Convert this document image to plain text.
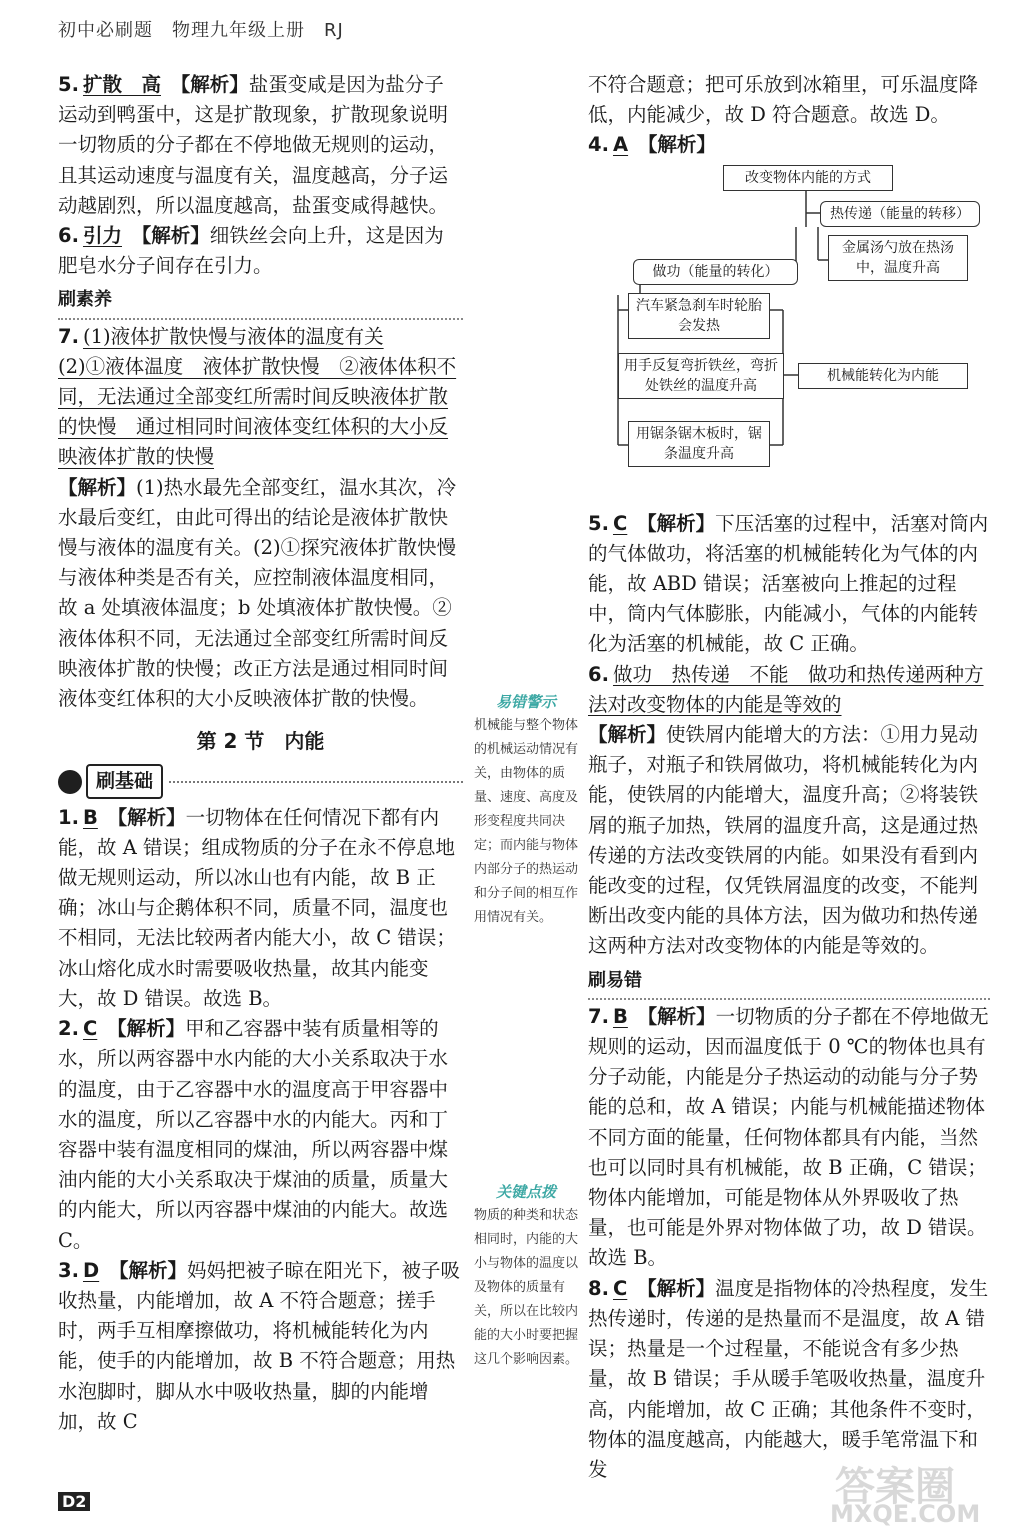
初中必刷题　物理九年级上册　RJ
5. 扩散　高　 【解析】盐蛋变咸是因为盐分子运动到鸭蛋中，这是扩散现象，扩散现象说明一切物质的分子都在不停地做无规则的运动，且其运动速度与温度有关，温度越高，分子运动越剧烈，所以温度越高，盐蛋变咸得越快。
6. 引力　 【解析】细铁丝会向上升，这是因为肥皂水分子间存在引力。
刷素养
7. (1)液体扩散快慢与液体的温度有关
(2)①液体温度　液体扩散快慢　②液体体积不同，无法通过全部变红所需时间反映液体扩散的快慢　通过相同时间液体变红体积的大小反映液体扩散的快慢
【解析】(1)热水最先全部变红，温水其次，冷水最后变红，由此可得出的结论是液体扩散快慢与液体的温度有关。(2)①探究液体扩散快慢与液体种类是否有关，应控制液体温度相同，故 a 处填液体温度；b 处填液体扩散快慢。②液体体积不同，无法通过全部变红所需时间反映液体扩散的快慢；改正方法是通过相同时间液体变红体积的大小反映液体扩散的快慢。
第 2 节　内能
刷基础
1. B　 【解析】一切物体在任何情况下都有内能，故 A 错误；组成物质的分子在永不停息地做无规则运动，所以冰山也有内能，故 B 正确；冰山与企鹅体积不同，质量不同，温度也不相同，无法比较两者内能大小，故 C 错误；冰山熔化成水时需要吸收热量，故其内能变大，故 D 错误。故选 B。
2. C　 【解析】甲和乙容器中装有质量相等的水，所以两容器中水内能的大小关系取决于水的温度，由于乙容器中水的温度高于甲容器中水的温度，所以乙容器中水的内能大。丙和丁容器中装有温度相同的煤油，所以两容器中煤油内能的大小关系取决于煤油的质量，质量大的内能大，所以丙容器中煤油的内能大。故选 C。
3. D　 【解析】妈妈把被子晾在阳光下，被子吸收热量，内能增加，故 A 不符合题意；搓手时，两手互相摩擦做功，将机械能转化为内能，使手的内能增加，故 B 不符合题意；用热水泡脚时，脚从水中吸收热量，脚的内能增加，故 C
易错警示
机械能与整个物体的机械运动情况有关，由物体的质量、速度、高度及形变程度共同决定；而内能与物体内部分子的热运动和分子间的相互作用情况有关。
关键点拨
物质的种类和状态相同时，内能的大小与物体的温度以及物体的质量有关，所以在比较内能的大小时要把握这几个影响因素。
不符合题意；把可乐放到冰箱里，可乐温度降低，内能减少，故 D 符合题意。故选 D。
4. A　 【解析】
改变物体内能的方式
热传递（能量的转移）
金属汤勺放在热汤中，温度升高
做功（能量的转化）
汽车紧急刹车时轮胎会发热
用手反复弯折铁丝，弯折处铁丝的温度升高
用锯条锯木板时，锯条温度升高
机械能转化为内能
5. C　 【解析】下压活塞的过程中，活塞对筒内的气体做功，将活塞的机械能转化为气体的内能，故 ABD 错误；活塞被向上推起的过程中，筒内气体膨胀，内能减小，气体的内能转化为活塞的机械能，故 C 正确。
6. 做功　热传递　不能　做功和热传递两种方法对改变物体的内能是等效的
【解析】使铁屑内能增大的方法：①用力晃动瓶子，对瓶子和铁屑做功，将机械能转化为内能，使铁屑的内能增大，温度升高；②将装铁屑的瓶子加热，铁屑的温度升高，这是通过热传递的方法改变铁屑的内能。如果没有看到内能改变的过程，仅凭铁屑温度的改变，不能判断出改变内能的具体方法，因为做功和热传递这两种方法对改变物体的内能是等效的。
刷易错
7. B　 【解析】一切物质的分子都在不停地做无规则的运动，因而温度低于 0 ℃的物体也具有分子动能，内能是分子热运动的动能与分子势能的总和，故 A 错误；内能与机械能描述物体不同方面的能量，任何物体都具有内能，当然也可以同时具有机械能，故 B 正确，C 错误；物体内能增加，可能是物体从外界吸收了热量，也可能是外界对物体做了功，故 D 错误。故选 B。
8. C　 【解析】温度是指物体的冷热程度，发生热传递时，传递的是热量而不是温度，故 A 错误；热量是一个过程量，不能说含有多少热量，故 B 错误；手从暖手笔吸收热量，温度升高，内能增加，故 C 正确；其他条件不变时，物体的温度越高，内能越大，暖手笔常温下和发
D2	答案圈
MXQE.COM
